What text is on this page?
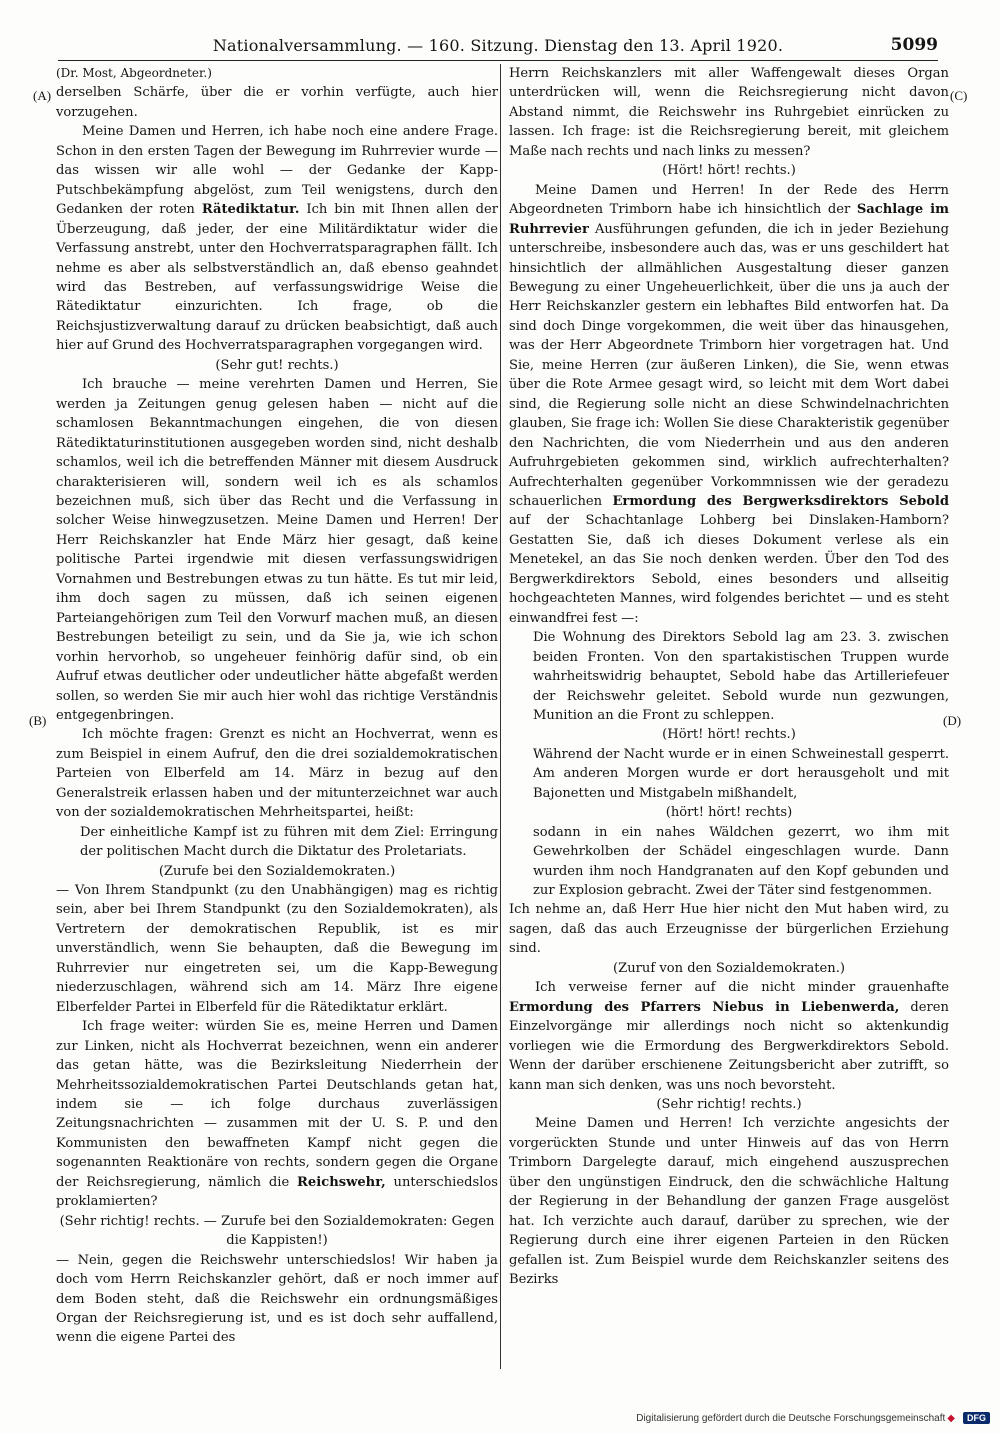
Nationalversammlung. — 160. Sitzung. Dienstag den 13. April 1920.	5099
(A)
(B)
(C)
(D)

(Dr. Most, Abgeordneter.)

derselben Schärfe, über die er vorhin verfügte, auch hier vorzugehen.

Meine Damen und Herren, ich habe noch eine andere Frage. Schon in den ersten Tagen der Bewegung im Ruhrrevier wurde — das wissen wir alle wohl — der Gedanke der Kapp-Putschbekämpfung abgelöst, zum Teil wenigstens, durch den Gedanken der roten Rätediktatur. Ich bin mit Ihnen allen der Überzeugung, daß jeder, der eine Militärdiktatur wider die Verfassung anstrebt, unter den Hochverratsparagraphen fällt. Ich nehme es aber als selbstverständlich an, daß ebenso geahndet wird das Bestreben, auf verfassungswidrige Weise die Rätediktatur einzurichten. Ich frage, ob die Reichsjustizverwaltung darauf zu drücken beabsichtigt, daß auch hier auf Grund des Hochverratsparagraphen vorgegangen wird.

(Sehr gut! rechts.)

Ich brauche — meine verehrten Damen und Herren, Sie werden ja Zeitungen genug gelesen haben — nicht auf die schamlosen Bekanntmachungen eingehen, die von diesen Rätediktaturinstitutionen ausgegeben worden sind, nicht deshalb schamlos, weil ich die betreffenden Männer mit diesem Ausdruck charakterisieren will, sondern weil ich es als schamlos bezeichnen muß, sich über das Recht und die Verfassung in solcher Weise hinwegzusetzen. Meine Damen und Herren! Der Herr Reichskanzler hat Ende März hier gesagt, daß keine politische Partei irgendwie mit diesen verfassungswidrigen Vornahmen und Bestrebungen etwas zu tun hätte. Es tut mir leid, ihm doch sagen zu müssen, daß ich seinen eigenen Parteiangehörigen zum Teil den Vorwurf machen muß, an diesen Bestrebungen beteiligt zu sein, und da Sie ja, wie ich schon vorhin hervorhob, so ungeheuer feinhörig dafür sind, ob ein Aufruf etwas deutlicher oder undeutlicher hätte abgefaßt werden sollen, so werden Sie mir auch hier wohl das richtige Verständnis entgegenbringen.

Ich möchte fragen: Grenzt es nicht an Hochverrat, wenn es zum Beispiel in einem Aufruf, den die drei sozialdemokratischen Parteien von Elberfeld am 14. März in bezug auf den Generalstreik erlassen haben und der mitunterzeichnet war auch von der sozialdemokratischen Mehrheitspartei, heißt:

Der einheitliche Kampf ist zu führen mit dem Ziel: Erringung der politischen Macht durch die Diktatur des Proletariats.

(Zurufe bei den Sozialdemokraten.)

— Von Ihrem Standpunkt (zu den Unabhängigen) mag es richtig sein, aber bei Ihrem Standpunkt (zu den Sozialdemokraten), als Vertretern der demokratischen Republik, ist es mir unverständlich, wenn Sie behaupten, daß die Bewegung im Ruhrrevier nur eingetreten sei, um die Kapp-Bewegung niederzuschlagen, während sich am 14. März Ihre eigene Elberfelder Partei in Elberfeld für die Rätediktatur erklärt.

Ich frage weiter: würden Sie es, meine Herren und Damen zur Linken, nicht als Hochverrat bezeichnen, wenn ein anderer das getan hätte, was die Bezirksleitung Niederrhein der Mehrheitssozialdemokratischen Partei Deutschlands getan hat, indem sie — ich folge durchaus zuverlässigen Zeitungsnachrichten — zusammen mit der U. S. P. und den Kommunisten den bewaffneten Kampf nicht gegen die sogenannten Reaktionäre von rechts, sondern gegen die Organe der Reichsregierung, nämlich die Reichswehr, unterschiedslos proklamierten?

(Sehr richtig! rechts. — Zurufe bei den Sozialdemokraten: Gegen die Kappisten!)

— Nein, gegen die Reichswehr unterschiedslos! Wir haben ja doch vom Herrn Reichskanzler gehört, daß er noch immer auf dem Boden steht, daß die Reichswehr ein ordnungsmäßiges Organ der Reichsregierung ist, und es ist doch sehr auffallend, wenn die eigene Partei des

Herrn Reichskanzlers mit aller Waffengewalt dieses Organ unterdrücken will, wenn die Reichsregierung nicht davon Abstand nimmt, die Reichswehr ins Ruhrgebiet einrücken zu lassen. Ich frage: ist die Reichsregierung bereit, mit gleichem Maße nach rechts und nach links zu messen?

(Hört! hört! rechts.)

Meine Damen und Herren! In der Rede des Herrn Abgeordneten Trimborn habe ich hinsichtlich der Sachlage im Ruhrrevier Ausführungen gefunden, die ich in jeder Beziehung unterschreibe, insbesondere auch das, was er uns geschildert hat hinsichtlich der allmählichen Ausgestaltung dieser ganzen Bewegung zu einer Ungeheuerlichkeit, über die uns ja auch der Herr Reichskanzler gestern ein lebhaftes Bild entworfen hat. Da sind doch Dinge vorgekommen, die weit über das hinausgehen, was der Herr Abgeordnete Trimborn hier vorgetragen hat. Und Sie, meine Herren (zur äußeren Linken), die Sie, wenn etwas über die Rote Armee gesagt wird, so leicht mit dem Wort dabei sind, die Regierung solle nicht an diese Schwindelnachrichten glauben, Sie frage ich: Wollen Sie diese Charakteristik gegenüber den Nachrichten, die vom Niederrhein und aus den anderen Aufruhrgebieten gekommen sind, wirklich aufrechterhalten? Aufrechterhalten gegenüber Vorkommnissen wie der geradezu schauerlichen Ermordung des Bergwerksdirektors Sebold auf der Schachtanlage Lohberg bei Dinslaken-Hamborn? Gestatten Sie, daß ich dieses Dokument verlese als ein Menetekel, an das Sie noch denken werden. Über den Tod des Bergwerkdirektors Sebold, eines besonders und allseitig hochgeachteten Mannes, wird folgendes berichtet — und es steht einwandfrei fest —:

Die Wohnung des Direktors Sebold lag am 23. 3. zwischen beiden Fronten. Von den spartakistischen Truppen wurde wahrheitswidrig behauptet, Sebold habe das Artilleriefeuer der Reichswehr geleitet. Sebold wurde nun gezwungen, Munition an die Front zu schleppen.

(Hört! hört! rechts.)

Während der Nacht wurde er in einen Schweinestall gesperrt. Am anderen Morgen wurde er dort herausgeholt und mit Bajonetten und Mistgabeln mißhandelt,

(hört! hört! rechts)

sodann in ein nahes Wäldchen gezerrt, wo ihm mit Gewehrkolben der Schädel eingeschlagen wurde. Dann wurden ihm noch Handgranaten auf den Kopf gebunden und zur Explosion gebracht. Zwei der Täter sind festgenommen.

Ich nehme an, daß Herr Hue hier nicht den Mut haben wird, zu sagen, daß das auch Erzeugnisse der bürgerlichen Erziehung sind.

(Zuruf von den Sozialdemokraten.)

Ich verweise ferner auf die nicht minder grauenhafte Ermordung des Pfarrers Niebus in Liebenwerda, deren Einzelvorgänge mir allerdings noch nicht so aktenkundig vorliegen wie die Ermordung des Bergwerkdirektors Sebold. Wenn der darüber erschienene Zeitungsbericht aber zutrifft, so kann man sich denken, was uns noch bevorsteht.

(Sehr richtig! rechts.)

Meine Damen und Herren! Ich verzichte angesichts der vorgerückten Stunde und unter Hinweis auf das von Herrn Trimborn Dargelegte darauf, mich eingehend auszusprechen über den ungünstigen Eindruck, den die schwächliche Haltung der Regierung in der Behandlung der ganzen Frage ausgelöst hat. Ich verzichte auch darauf, darüber zu sprechen, wie der Regierung durch eine ihrer eigenen Parteien in den Rücken gefallen ist. Zum Beispiel wurde dem Reichskanzler seitens des Bezirks

Digitalisierung gefördert durch die Deutsche Forschungsgemeinschaft ◆ DFG
